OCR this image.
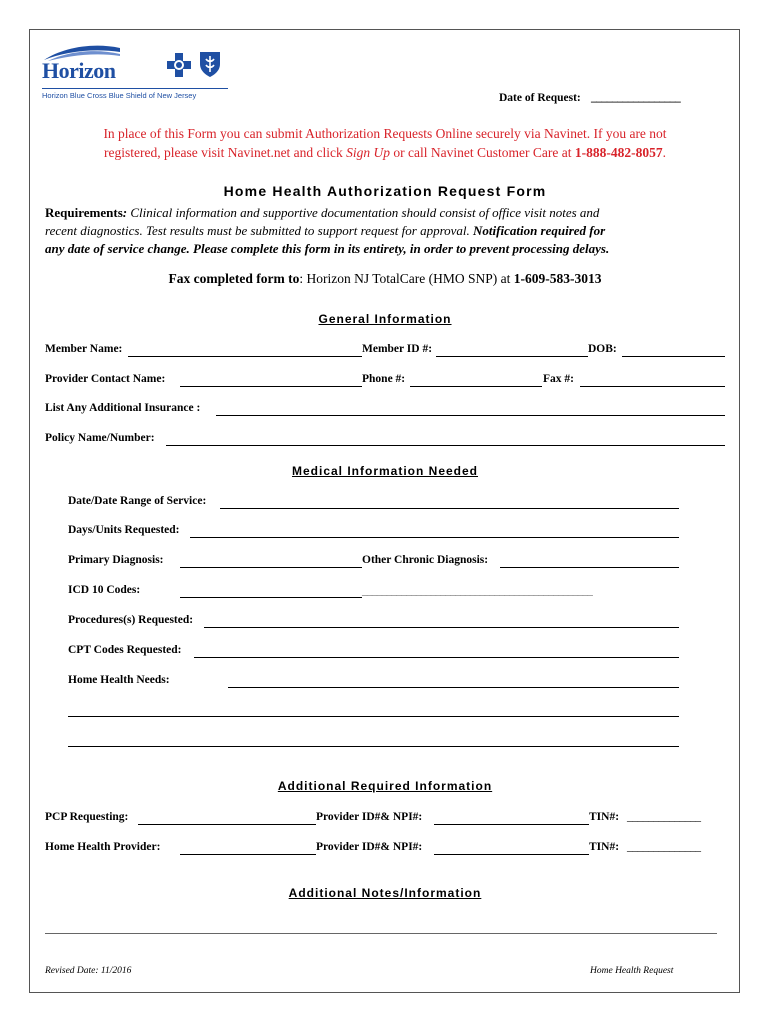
Horizon
Horizon Blue Cross Blue Shield of New Jersey	Date of Request: _________________
In place of this Form you can submit Authorization Requests Online securely via Navinet. If you are not
registered, please visit Navinet.net and click Sign Up or call Navinet Customer Care at 1-888-482-8057.
Home Health Authorization Request Form
Requirements: Clinical information and supportive documentation should consist of office visit notes and
recent diagnostics. Test results must be submitted to support request for approval. Notification required for
any date of service change. Please complete this form in its entirety, in order to prevent processing delays.
Fax completed form to: Horizon NJ TotalCare (HMO SNP) at 1-609-583-3013
General Information
Member Name:	Member ID #:	DOB:
Provider Contact Name:	Phone #:	Fax #:
List Any Additional Insurance :
Policy Name/Number:
Medical Information Needed
Date/Date Range of Service:
Days/Units Requested:
Primary Diagnosis:	Other Chronic Diagnosis:
ICD 10 Codes:	_______________________________________________
Procedures(s) Requested:
CPT Codes Requested:
Home Health Needs:
Additional Required Information
PCP Requesting:	Provider ID#& NPI#:	TIN#: ______________
Home Health Provider:	Provider ID#& NPI#:	TIN#: ______________
Additional Notes/Information
Revised Date: 11/2016	Home Health Request
